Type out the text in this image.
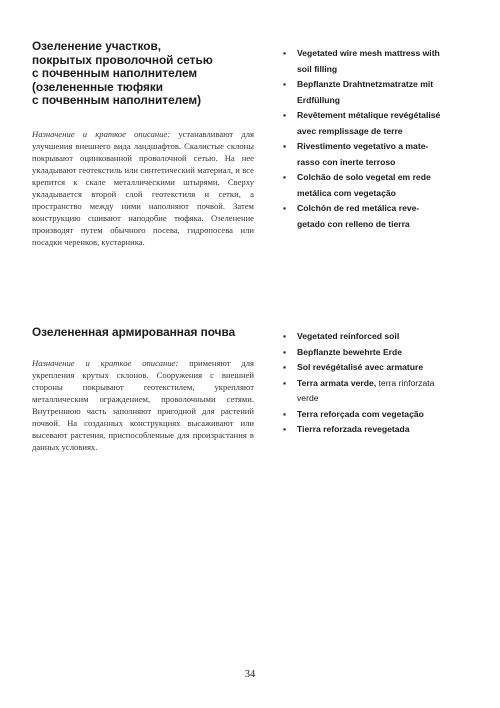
Озеленение участков,
покрытых проволочной сетью
с почвенным наполнителем
(озелененные тюфяки
с почвенным наполнителем)

Назначение и краткое описание: устанавливают для улучшения внешнего вида ландшафтов. Скалистые склоны покрывают оцинкованной проволочной сетью. На нее укладывают геотекстиль или синтетический материал, и все крепится к скале металлическими штырями. Сверху укладывается второй слой геотекстиля и сетки, а пространство между ними наполняют почвой. Затем конструкцию сшивают наподобие тюфяка. Озеленение производят путем обычного посева, гидропосева или посадки черенков, кустарника.

▪ Vegetated wire mesh mattress with
soil filling
▪ Bepflanzte Drahtnetzmatratze mit
Erdfüllung
▪ Revêtement métalique revégétalisé
avec remplissage de terre
▪ Rivestimento vegetativo a mate-
rasso con inerte terroso
▪ Colchão de solo vegetal em rede
metálica com vegetação
▪ Colchón de red metálica reve-
getado con relleno de tierra
Озелененная армированная почва

Назначение и краткое описание: применяют для укрепления крутых склонов. Сооружения с внешней стороны покрывают геотекстилем, укрепляют металлическим ограждением, проволочными сетями. Внутреннюю часть заполняют пригодной для растений почвой. На созданных конструкциях высаживают или высевают растения, приспособленные для произрастания в данных условиях.

▪ Vegetated reinforced soil
▪ Bepflanzte bewehrte Erde
▪ Sol revégétalisé avec armature
▪ Terra armata verde, terra rinforzata
verde
▪ Terra reforçada com vegetação
▪ Tierra reforzada revegetada
34
